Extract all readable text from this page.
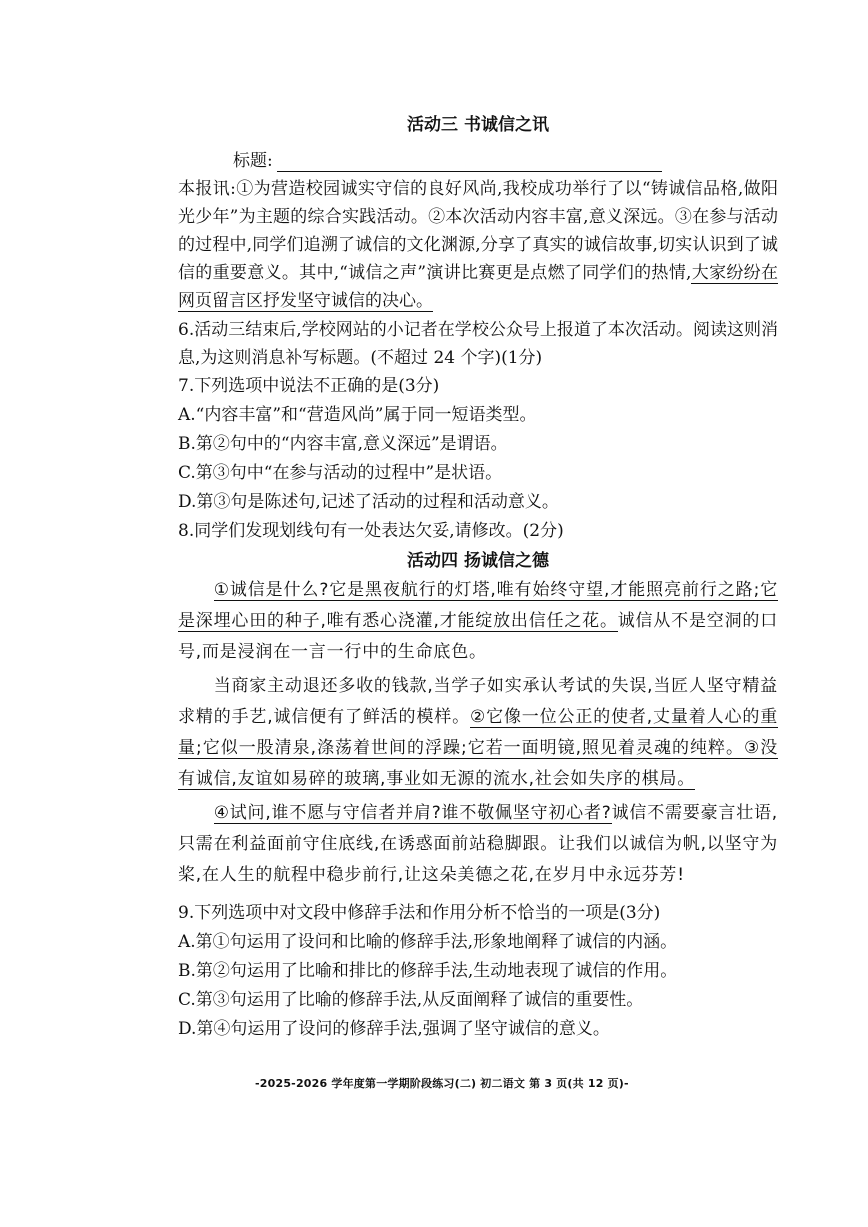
活动三 书诚信之讯

标题:

本报讯:①为营造校园诚实守信的良好风尚,我校成功举行了以“铸诚信品格,做阳光少年”为主题的综合实践活动。②本次活动内容丰富,意义深远。③在参与活动的过程中,同学们追溯了诚信的文化渊源,分享了真实的诚信故事,切实认识到了诚信的重要意义。其中,“诚信之声”演讲比赛更是点燃了同学们的热情,大家纷纷在网页留言区抒发坚守诚信的决心。

6.活动三结束后,学校网站的小记者在学校公众号上报道了本次活动。阅读这则消息,为这则消息补写标题。(不超过 24 个字)(1分)

7.下列选项中说法不正确的是(3分)

A.“内容丰富”和“营造风尚”属于同一短语类型。

B.第②句中的“内容丰富,意义深远”是谓语。

C.第③句中“在参与活动的过程中”是状语。

D.第③句是陈述句,记述了活动的过程和活动意义。

8.同学们发现划线句有一处表达欠妥,请修改。(2分)

活动四 扬诚信之德

①诚信是什么?它是黑夜航行的灯塔,唯有始终守望,才能照亮前行之路;它是深埋心田的种子,唯有悉心浇灌,才能绽放出信任之花。诚信从不是空洞的口号,而是浸润在一言一行中的生命底色。

当商家主动退还多收的钱款,当学子如实承认考试的失误,当匠人坚守精益求精的手艺,诚信便有了鲜活的模样。②它像一位公正的使者,丈量着人心的重量;它似一股清泉,涤荡着世间的浮躁;它若一面明镜,照见着灵魂的纯粹。③没有诚信,友谊如易碎的玻璃,事业如无源的流水,社会如失序的棋局。

④试问,谁不愿与守信者并肩?谁不敬佩坚守初心者?诚信不需要豪言壮语,只需在利益面前守住底线,在诱惑面前站稳脚跟。让我们以诚信为帆,以坚守为桨,在人生的航程中稳步前行,让这朵美德之花,在岁月中永远芬芳!

9.下列选项中对文段中修辞手法和作用分析不恰当的一项是(3分)

A.第①句运用了设问和比喻的修辞手法,形象地阐释了诚信的内涵。

B.第②句运用了比喻和排比的修辞手法,生动地表现了诚信的作用。

C.第③句运用了比喻的修辞手法,从反面阐释了诚信的重要性。

D.第④句运用了设问的修辞手法,强调了坚守诚信的意义。

-2025-2026 学年度第一学期阶段练习(二) 初二语文 第 3 页(共 12 页)-
